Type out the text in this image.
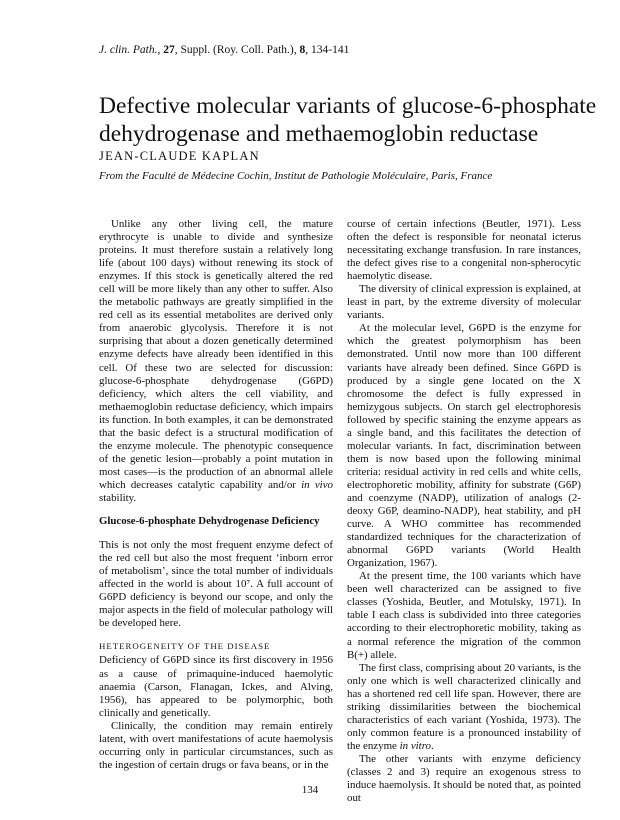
J. clin. Path., 27, Suppl. (Roy. Coll. Path.), 8, 134-141
Defective molecular variants of glucose-6-phosphate dehydrogenase and methaemoglobin reductase
JEAN-CLAUDE KAPLAN
From the Faculté de Médecine Cochin, Institut de Pathologie Moléculaire, Paris, France

Unlike any other living cell, the mature erythrocyte is unable to divide and synthesize proteins. It must therefore sustain a relatively long life (about 100 days) without renewing its stock of enzymes. If this stock is genetically altered the red cell will be more likely than any other to suffer. Also the metabolic pathways are greatly simplified in the red cell as its essential metabolites are derived only from anaerobic glycolysis. Therefore it is not surprising that about a dozen genetically determined enzyme defects have already been identified in this cell. Of these two are selected for discussion: glucose-6-phosphate dehydrogenase (G6PD) deficiency, which alters the cell viability, and methaemoglobin reductase deficiency, which impairs its function. In both examples, it can be demonstrated that the basic defect is a structural modification of the enzyme molecule. The phenotypic consequence of the genetic lesion—probably a point mutation in most cases—is the production of an abnormal allele which decreases catalytic capability and/or in vivo stability.

Glucose-6-phosphate Dehydrogenase Deficiency

This is not only the most frequent enzyme defect of the red cell but also the most frequent ‘inborn error of metabolism’, since the total number of individuals affected in the world is about 10⁷. A full account of G6PD deficiency is beyond our scope, and only the major aspects in the field of molecular pathology will be developed here.

HETEROGENEITY OF THE DISEASE

Deficiency of G6PD since its first discovery in 1956 as a cause of primaquine-induced haemolytic anaemia (Carson, Flanagan, Ickes, and Alving, 1956), has appeared to be polymorphic, both clinically and genetically.

Clinically, the condition may remain entirely latent, with overt manifestations of acute haemolysis occurring only in particular circumstances, such as the ingestion of certain drugs or fava beans, or in the

course of certain infections (Beutler, 1971). Less often the defect is responsible for neonatal icterus necessitating exchange transfusion. In rare instances, the defect gives rise to a congenital non-spherocytic haemolytic disease.

The diversity of clinical expression is explained, at least in part, by the extreme diversity of molecular variants.

At the molecular level, G6PD is the enzyme for which the greatest polymorphism has been demonstrated. Until now more than 100 different variants have already been defined. Since G6PD is produced by a single gene located on the X chromosome the defect is fully expressed in hemizygous subjects. On starch gel electrophoresis followed by specific staining the enzyme appears as a single band, and this facilitates the detection of molecular variants. In fact, discrimination between them is now based upon the following minimal criteria: residual activity in red cells and white cells, electrophoretic mobility, affinity for substrate (G6P) and coenzyme (NADP), utilization of analogs (2-deoxy G6P, deamino-NADP), heat stability, and pH curve. A WHO committee has recommended standardized techniques for the characterization of abnormal G6PD variants (World Health Organization, 1967).

At the present time, the 100 variants which have been well characterized can be assigned to five classes (Yoshida, Beutler, and Motulsky, 1971). In table I each class is subdivided into three categories according to their electrophoretic mobility, taking as a normal reference the migration of the common B(+) allele.

The first class, comprising about 20 variants, is the only one which is well characterized clinically and has a shortened red cell life span. However, there are striking dissimilarities between the biochemical characteristics of each variant (Yoshida, 1973). The only common feature is a pronounced instability of the enzyme in vitro.

The other variants with enzyme deficiency (classes 2 and 3) require an exogenous stress to induce haemolysis. It should be noted that, as pointed out

134
